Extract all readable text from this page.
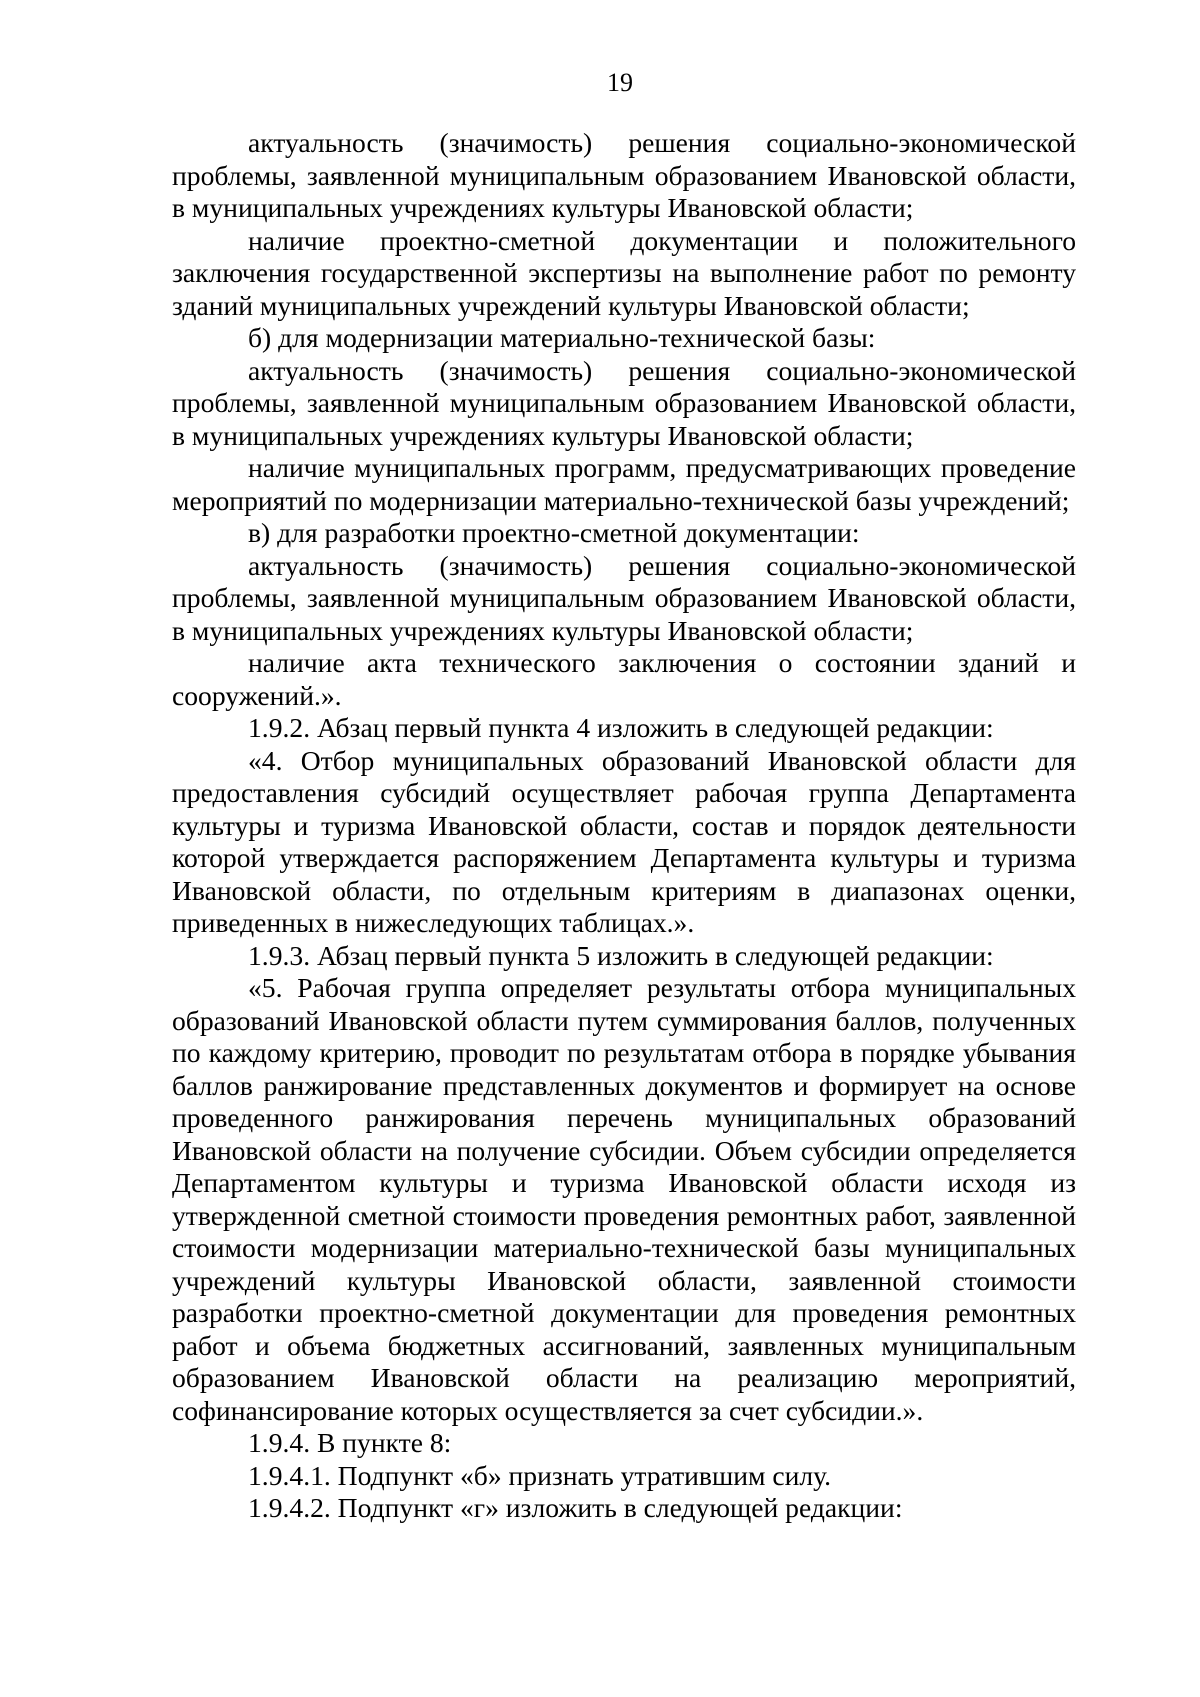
19

актуальность (значимость) решения социально-экономической проблемы, заявленной муниципальным образованием Ивановской области, в муниципальных учреждениях культуры Ивановской области;

наличие проектно-сметной документации и положительного заключения государственной экспертизы на выполнение работ по ремонту зданий муниципальных учреждений культуры Ивановской области;

б) для модернизации материально-технической базы:

актуальность (значимость) решения социально-экономической проблемы, заявленной муниципальным образованием Ивановской области, в муниципальных учреждениях культуры Ивановской области;

наличие муниципальных программ, предусматривающих проведение мероприятий по модернизации материально-технической базы учреждений;

в) для разработки проектно-сметной документации:

актуальность (значимость) решения социально-экономической проблемы, заявленной муниципальным образованием Ивановской области, в муниципальных учреждениях культуры Ивановской области;

наличие акта технического заключения о состоянии зданий и сооружений.».

1.9.2. Абзац первый пункта 4 изложить в следующей редакции:

«4. Отбор муниципальных образований Ивановской области для предоставления субсидий осуществляет рабочая группа Департамента культуры и туризма Ивановской области, состав и порядок деятельности которой утверждается распоряжением Департамента культуры и туризма Ивановской области, по отдельным критериям в диапазонах оценки, приведенных в нижеследующих таблицах.».

1.9.3. Абзац первый пункта 5 изложить в следующей редакции:

«5. Рабочая группа определяет результаты отбора муниципальных образований Ивановской области путем суммирования баллов, полученных по каждому критерию, проводит по результатам отбора в порядке убывания баллов ранжирование представленных документов и формирует на основе проведенного ранжирования перечень муниципальных образований Ивановской области на получение субсидии. Объем субсидии определяется Департаментом культуры и туризма Ивановской области исходя из утвержденной сметной стоимости проведения ремонтных работ, заявленной стоимости модернизации материально-технической базы муниципальных учреждений культуры Ивановской области, заявленной стоимости разработки проектно-сметной документации для проведения ремонтных работ и объема бюджетных ассигнований, заявленных муниципальным образованием Ивановской области на реализацию мероприятий, софинансирование которых осуществляется за счет субсидии.».

1.9.4. В пункте 8:

1.9.4.1. Подпункт «б» признать утратившим силу.

1.9.4.2. Подпункт «г» изложить в следующей редакции:
